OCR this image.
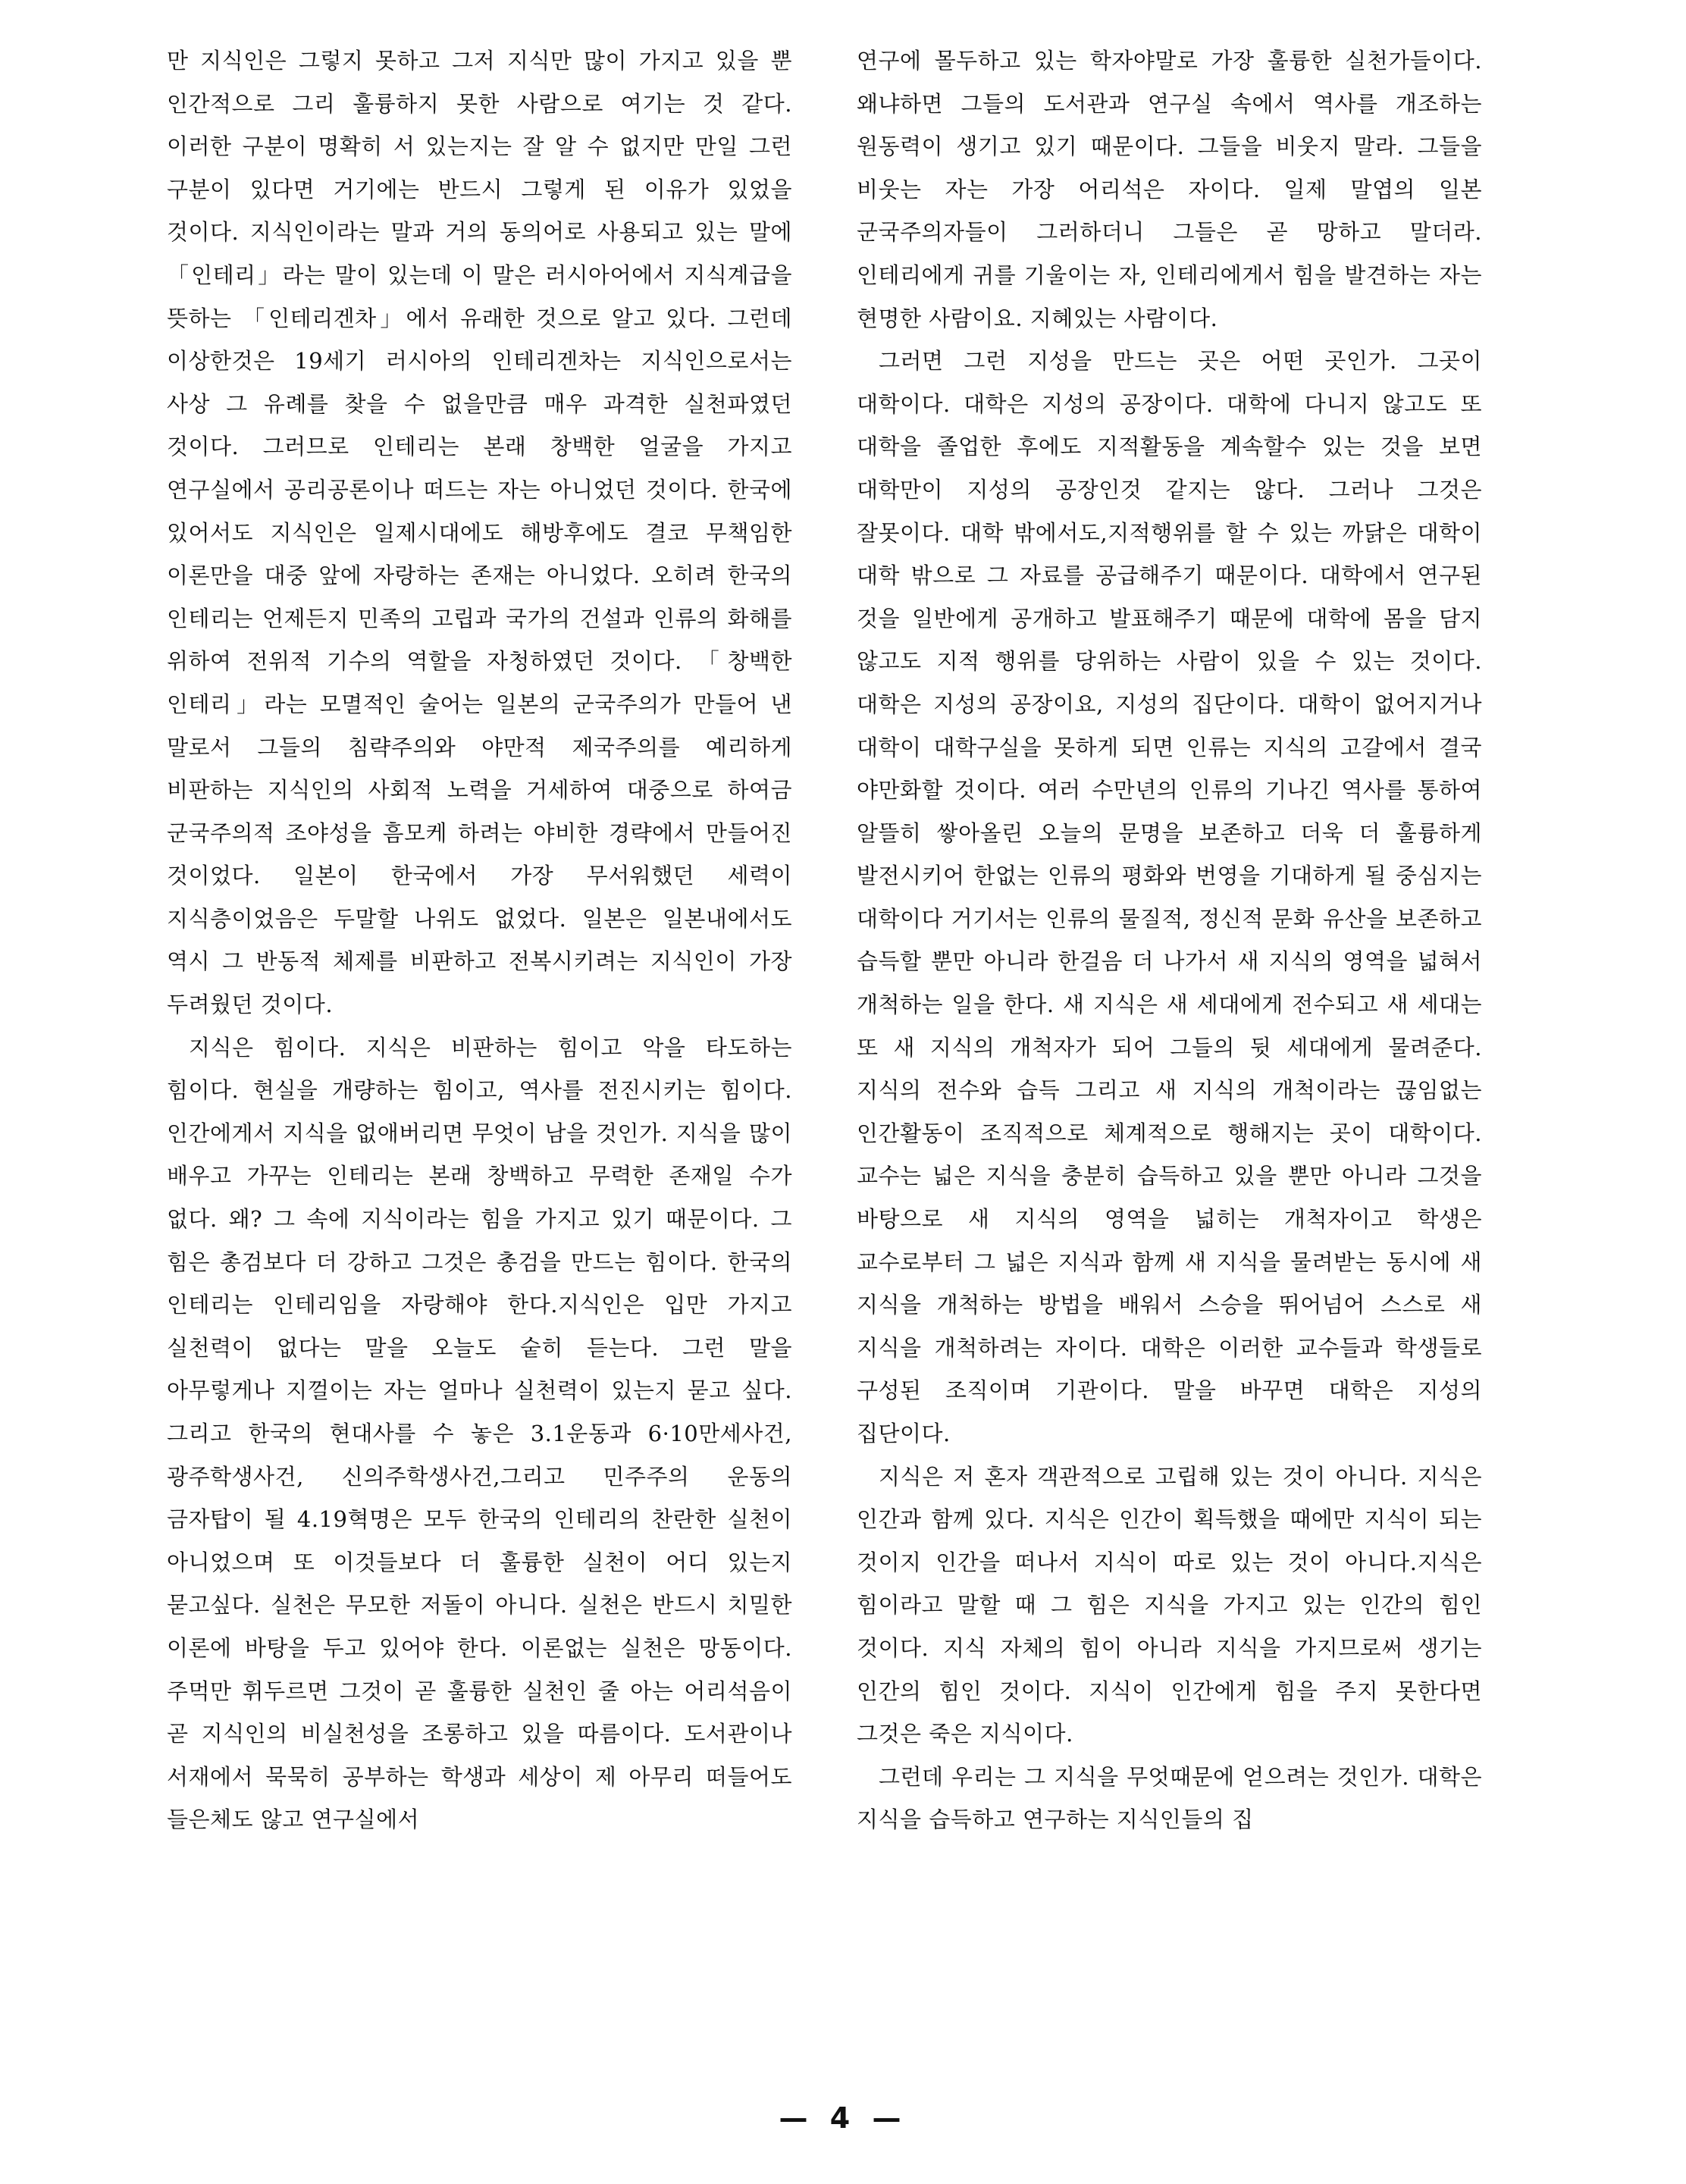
만 지식인은 그렇지 못하고 그저 지식만 많이 가지고 있을 뿐 인간적으로 그리 훌륭하지 못한 사람으로 여기는 것 같다. 이러한 구분이 명확히 서 있는지는 잘 알 수 없지만 만일 그런 구분이 있다면 거기에는 반드시 그렇게 된 이유가 있었을 것이다. 지식인이라는 말과 거의 동의어로 사용되고 있는 말에 「인테리」라는 말이 있는데 이 말은 러시아어에서 지식계급을 뜻하는 「인테리겐차」에서 유래한 것으로 알고 있다. 그런데 이상한것은 19세기 러시아의 인테리겐차는 지식인으로서는 사상 그 유례를 찾을 수 없을만큼 매우 과격한 실천파였던 것이다. 그러므로 인테리는 본래 창백한 얼굴을 가지고 연구실에서 공리공론이나 떠드는 자는 아니었던 것이다. 한국에 있어서도 지식인은 일제시대에도 해방후에도 결코 무책임한 이론만을 대중 앞에 자랑하는 존재는 아니었다. 오히려 한국의 인테리는 언제든지 민족의 고립과 국가의 건설과 인류의 화해를 위하여 전위적 기수의 역할을 자청하였던 것이다. 「창백한 인테리」라는 모멸적인 술어는 일본의 군국주의가 만들어 낸 말로서 그들의 침략주의와 야만적 제국주의를 예리하게 비판하는 지식인의 사회적 노력을 거세하여 대중으로 하여금 군국주의적 조야성을 흠모케 하려는 야비한 경략에서 만들어진 것이었다. 일본이 한국에서 가장 무서워했던 세력이 지식층이었음은 두말할 나위도 없었다. 일본은 일본내에서도 역시 그 반동적 체제를 비판하고 전복시키려는 지식인이 가장 두려웠던 것이다.

지식은 힘이다. 지식은 비판하는 힘이고 악을 타도하는 힘이다. 현실을 개량하는 힘이고, 역사를 전진시키는 힘이다. 인간에게서 지식을 없애버리면 무엇이 남을 것인가. 지식을 많이 배우고 가꾸는 인테리는 본래 창백하고 무력한 존재일 수가 없다. 왜? 그 속에 지식이라는 힘을 가지고 있기 때문이다. 그 힘은 총검보다 더 강하고 그것은 총검을 만드는 힘이다. 한국의 인테리는 인테리임을 자랑해야 한다.지식인은 입만 가지고 실천력이 없다는 말을 오늘도 숱히 듣는다. 그런 말을 아무렇게나 지껄이는 자는 얼마나 실천력이 있는지 묻고 싶다. 그리고 한국의 현대사를 수 놓은 3.1운동과 6·10만세사건, 광주학생사건, 신의주학생사건,그리고 민주주의 운동의 금자탑이 될 4.19혁명은 모두 한국의 인테리의 찬란한 실천이 아니었으며 또 이것들보다 더 훌륭한 실천이 어디 있는지 묻고싶다. 실천은 무모한 저돌이 아니다. 실천은 반드시 치밀한 이론에 바탕을 두고 있어야 한다. 이론없는 실천은 망동이다. 주먹만 휘두르면 그것이 곧 훌륭한 실천인 줄 아는 어리석음이 곧 지식인의 비실천성을 조롱하고 있을 따름이다. 도서관이나 서재에서 묵묵히 공부하는 학생과 세상이 제 아무리 떠들어도 들은체도 않고 연구실에서

연구에 몰두하고 있는 학자야말로 가장 훌륭한 실천가들이다. 왜냐하면 그들의 도서관과 연구실 속에서 역사를 개조하는 원동력이 생기고 있기 때문이다. 그들을 비웃지 말라. 그들을 비웃는 자는 가장 어리석은 자이다. 일제 말엽의 일본 군국주의자들이 그러하더니 그들은 곧 망하고 말더라. 인테리에게 귀를 기울이는 자, 인테리에게서 힘을 발견하는 자는 현명한 사람이요. 지혜있는 사람이다.

그러면 그런 지성을 만드는 곳은 어떤 곳인가. 그곳이 대학이다. 대학은 지성의 공장이다. 대학에 다니지 않고도 또 대학을 졸업한 후에도 지적활동을 계속할수 있는 것을 보면 대학만이 지성의 공장인것 같지는 않다. 그러나 그것은 잘못이다. 대학 밖에서도,지적행위를 할 수 있는 까닭은 대학이 대학 밖으로 그 자료를 공급해주기 때문이다. 대학에서 연구된 것을 일반에게 공개하고 발표해주기 때문에 대학에 몸을 담지 않고도 지적 행위를 당위하는 사람이 있을 수 있는 것이다. 대학은 지성의 공장이요, 지성의 집단이다. 대학이 없어지거나 대학이 대학구실을 못하게 되면 인류는 지식의 고갈에서 결국 야만화할 것이다. 여러 수만년의 인류의 기나긴 역사를 통하여 알뜰히 쌓아올린 오늘의 문명을 보존하고 더욱 더 훌륭하게 발전시키어 한없는 인류의 평화와 번영을 기대하게 될 중심지는 대학이다 거기서는 인류의 물질적, 정신적 문화 유산을 보존하고 습득할 뿐만 아니라 한걸음 더 나가서 새 지식의 영역을 넓혀서 개척하는 일을 한다. 새 지식은 새 세대에게 전수되고 새 세대는 또 새 지식의 개척자가 되어 그들의 뒷 세대에게 물려준다. 지식의 전수와 습득 그리고 새 지식의 개척이라는 끊임없는 인간활동이 조직적으로 체계적으로 행해지는 곳이 대학이다. 교수는 넓은 지식을 충분히 습득하고 있을 뿐만 아니라 그것을 바탕으로 새 지식의 영역을 넓히는 개척자이고 학생은 교수로부터 그 넓은 지식과 함께 새 지식을 물려받는 동시에 새 지식을 개척하는 방법을 배워서 스승을 뛰어넘어 스스로 새 지식을 개척하려는 자이다. 대학은 이러한 교수들과 학생들로 구성된 조직이며 기관이다. 말을 바꾸면 대학은 지성의 집단이다.

지식은 저 혼자 객관적으로 고립해 있는 것이 아니다. 지식은 인간과 함께 있다. 지식은 인간이 획득했을 때에만 지식이 되는 것이지 인간을 떠나서 지식이 따로 있는 것이 아니다.지식은 힘이라고 말할 때 그 힘은 지식을 가지고 있는 인간의 힘인 것이다. 지식 자체의 힘이 아니라 지식을 가지므로써 생기는 인간의 힘인 것이다. 지식이 인간에게 힘을 주지 못한다면 그것은 죽은 지식이다.

그런데 우리는 그 지식을 무엇때문에 얻으려는 것인가. 대학은 지식을 습득하고 연구하는 지식인들의 집

— 4 —
